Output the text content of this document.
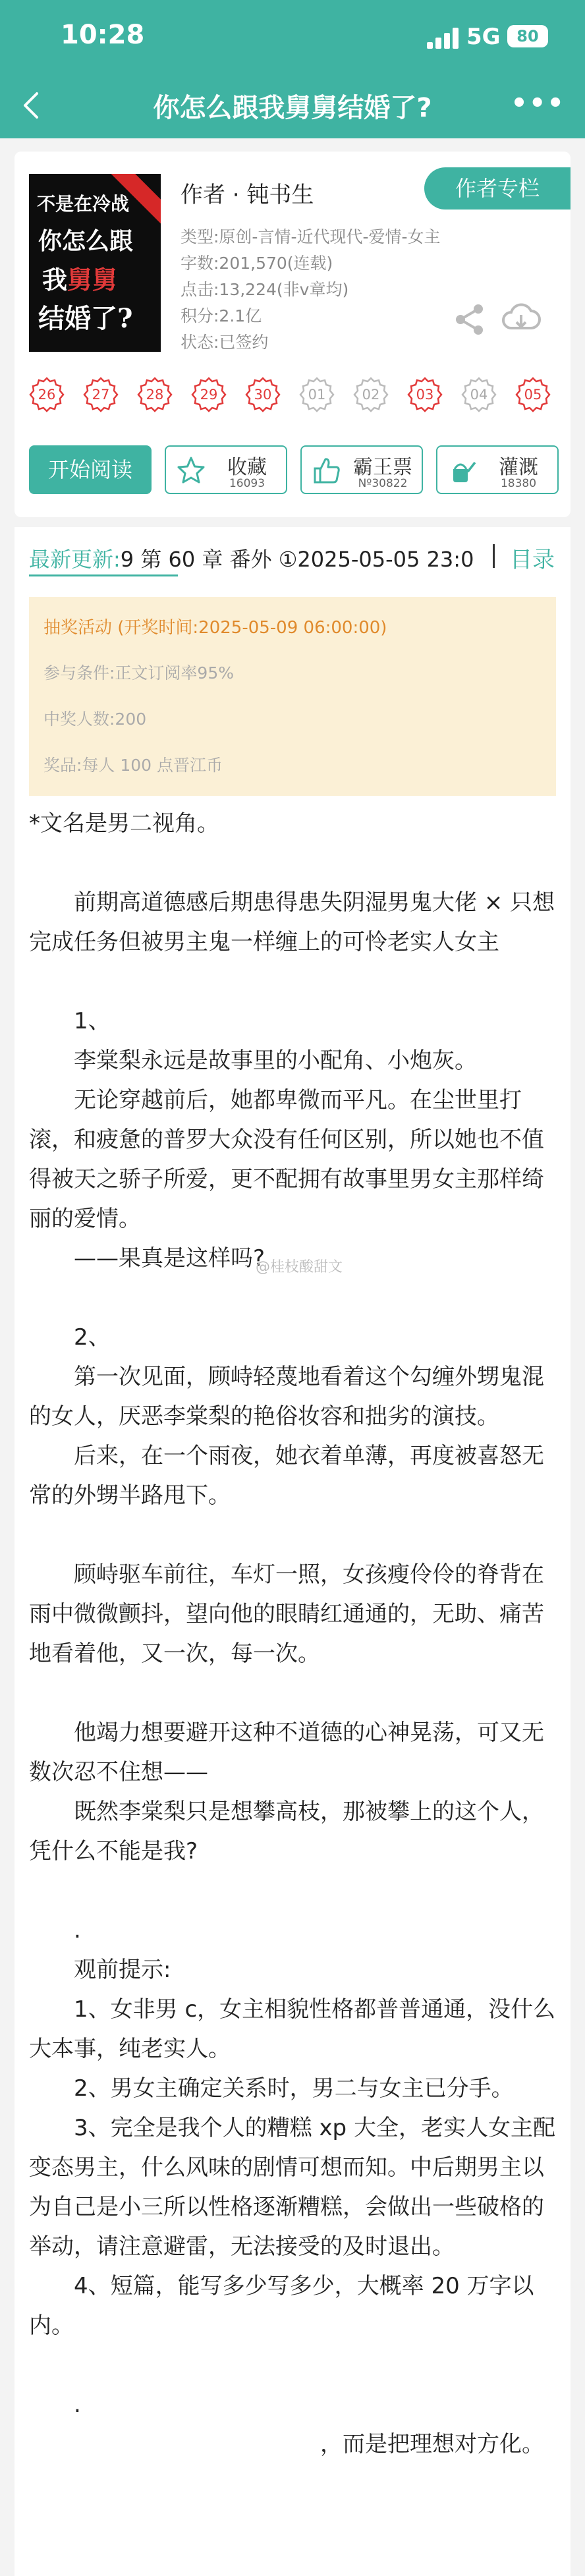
10:28	5G	80
你怎么跟我舅舅结婚了?	•••
不是在冷战
你怎么跟
我舅舅
结婚了?
作者 · 钝书生	作者专栏
类型:原创-言情-近代现代-爱情-女主
字数:201,570(连载)
点击:13,224(非v章均)
积分:2.1亿
状态:已签约
26	27	28	29	30	01	02	03	04	05
开始阅读	收藏
16093
霸王票
Nº30822
灌溉
18380
最新更新:9 第 60 章 番外 ①2025-05-05 23:0 目录
抽奖活动 (开奖时间:2025-05-09 06:00:00)
参与条件:正文订阅率95%
中奖人数:200
奖品:每人 100 点晋江币

*文名是男二视角。

　　前期高道德感后期患得患失阴湿男鬼大佬 × 只想完成任务但被男主鬼一样缠上的可怜老实人女主

　　1、

　　李棠梨永远是故事里的小配角、小炮灰。

　　无论穿越前后，她都卑微而平凡。在尘世里打滚，和疲惫的普罗大众没有任何区别，所以她也不值得被天之骄子所爱，更不配拥有故事里男女主那样绮丽的爱情。

　　——果真是这样吗?

　　2、

　　第一次见面，顾峙轻蔑地看着这个勾缠外甥鬼混的女人，厌恶李棠梨的艳俗妆容和拙劣的演技。

　　后来，在一个雨夜，她衣着单薄，再度被喜怒无常的外甥半路甩下。

　　顾峙驱车前往，车灯一照，女孩瘦伶伶的脊背在雨中微微颤抖，望向他的眼睛红通通的，无助、痛苦地看着他，又一次，每一次。

　　他竭力想要避开这种不道德的心神晃荡，可又无数次忍不住想——

　　既然李棠梨只是想攀高枝，那被攀上的这个人，凭什么不能是我?

　　.

　　观前提示:

　　1、女非男 c，女主相貌性格都普普通通，没什么大本事，纯老实人。

　　2、男女主确定关系时，男二与女主已分手。

　　3、完全是我个人的糟糕 xp 大全，老实人女主配变态男主，什么风味的剧情可想而知。中后期男主以为自己是小三所以性格逐渐糟糕，会做出一些破格的举动，请注意避雷，无法接受的及时退出。

　　4、短篇，能写多少写多少，大概率 20 万字以内。

　　.

　　　　　　　　　　　　　，而是把理想对方化。

@桂枝酸甜文
